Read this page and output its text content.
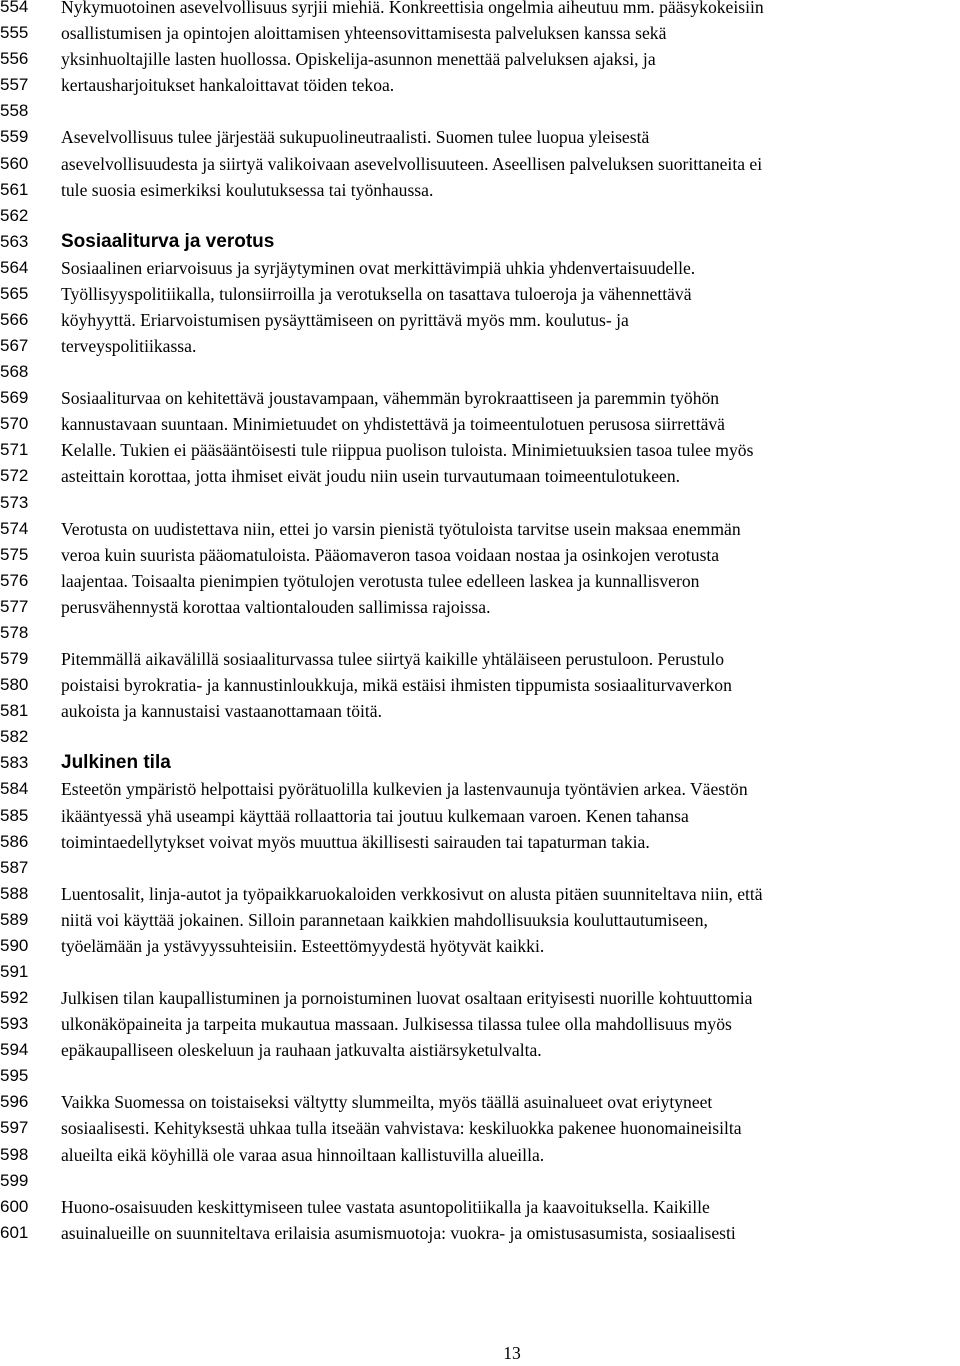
554	Nykymuotoinen asevelvollisuus syrjii miehiä. Konkreettisia ongelmia aiheutuu mm. pääsykokeisiin
555	osallistumisen ja opintojen aloittamisen yhteensovittamisesta palveluksen kanssa sekä
556	yksinhuoltajille lasten huollossa. Opiskelija-asunnon menettää palveluksen ajaksi, ja
557	kertausharjoitukset hankaloittavat töiden tekoa.
558
559	Asevelvollisuus tulee järjestää sukupuolineutraalisti. Suomen tulee luopua yleisestä
560	asevelvollisuudesta ja siirtyä valikoivaan asevelvollisuuteen. Aseellisen palveluksen suorittaneita ei
561	tule suosia esimerkiksi koulutuksessa tai työnhaussa.
562
563	Sosiaaliturva ja verotus
564	Sosiaalinen eriarvoisuus ja syrjäytyminen ovat merkittävimpiä uhkia yhdenvertaisuudelle.
565	Työllisyyspolitiikalla, tulonsiirroilla ja verotuksella on tasattava tuloeroja ja vähennettävä
566	köyhyyttä. Eriarvoistumisen pysäyttämiseen on pyrittävä myös mm. koulutus- ja
567	terveyspolitiikassa.
568
569	Sosiaaliturvaa on kehitettävä joustavampaan, vähemmän byrokraattiseen ja paremmin työhön
570	kannustavaan suuntaan. Minimietuudet on yhdistettävä ja toimeentulotuen perusosa siirrettävä
571	Kelalle. Tukien ei pääsääntöisesti tule riippua puolison tuloista. Minimietuuksien tasoa tulee myös
572	asteittain korottaa, jotta ihmiset eivät joudu niin usein turvautumaan toimeentulotukeen.
573
574	Verotusta on uudistettava niin, ettei jo varsin pienistä työtuloista tarvitse usein maksaa enemmän
575	veroa kuin suurista pääomatuloista. Pääomaveron tasoa voidaan nostaa ja osinkojen verotusta
576	laajentaa. Toisaalta pienimpien työtulojen verotusta tulee edelleen laskea ja kunnallisveron
577	perusvähennystä korottaa valtiontalouden sallimissa rajoissa.
578
579	Pitemmällä aikavälillä sosiaaliturvassa tulee siirtyä kaikille yhtäläiseen perustuloon. Perustulo
580	poistaisi byrokratia- ja kannustinloukkuja, mikä estäisi ihmisten tippumista sosiaaliturvaverkon
581	aukoista ja kannustaisi vastaanottamaan töitä.
582
583	Julkinen tila
584	Esteetön ympäristö helpottaisi pyörätuolilla kulkevien ja lastenvaunuja työntävien arkea. Väestön
585	ikääntyessä yhä useampi käyttää rollaattoria tai joutuu kulkemaan varoen. Kenen tahansa
586	toimintaedellytykset voivat myös muuttua äkillisesti sairauden tai tapaturman takia.
587
588	Luentosalit, linja-autot ja työpaikkaruokaloiden verkkosivut on alusta pitäen suunniteltava niin, että
589	niitä voi käyttää jokainen. Silloin parannetaan kaikkien mahdollisuuksia kouluttautumiseen,
590	työelämään ja ystävyyssuhteisiin. Esteettömyydestä hyötyvät kaikki.
591
592	Julkisen tilan kaupallistuminen ja pornoistuminen luovat osaltaan erityisesti nuorille kohtuuttomia
593	ulkonäköpaineita ja tarpeita mukautua massaan. Julkisessa tilassa tulee olla mahdollisuus myös
594	epäkaupalliseen oleskeluun ja rauhaan jatkuvalta aistiärsyketulvalta.
595
596	Vaikka Suomessa on toistaiseksi vältytty slummeilta, myös täällä asuinalueet ovat eriytyneet
597	sosiaalisesti. Kehityksestä uhkaa tulla itseään vahvistava: keskiluokka pakenee huonomaineisilta
598	alueilta eikä köyhillä ole varaa asua hinnoiltaan kallistuvilla alueilla.
599
600	Huono-osaisuuden keskittymiseen tulee vastata asuntopolitiikalla ja kaavoituksella. Kaikille
601	asuinalueille on suunniteltava erilaisia asumismuotoja: vuokra- ja omistusasumista, sosiaalisesti
13
